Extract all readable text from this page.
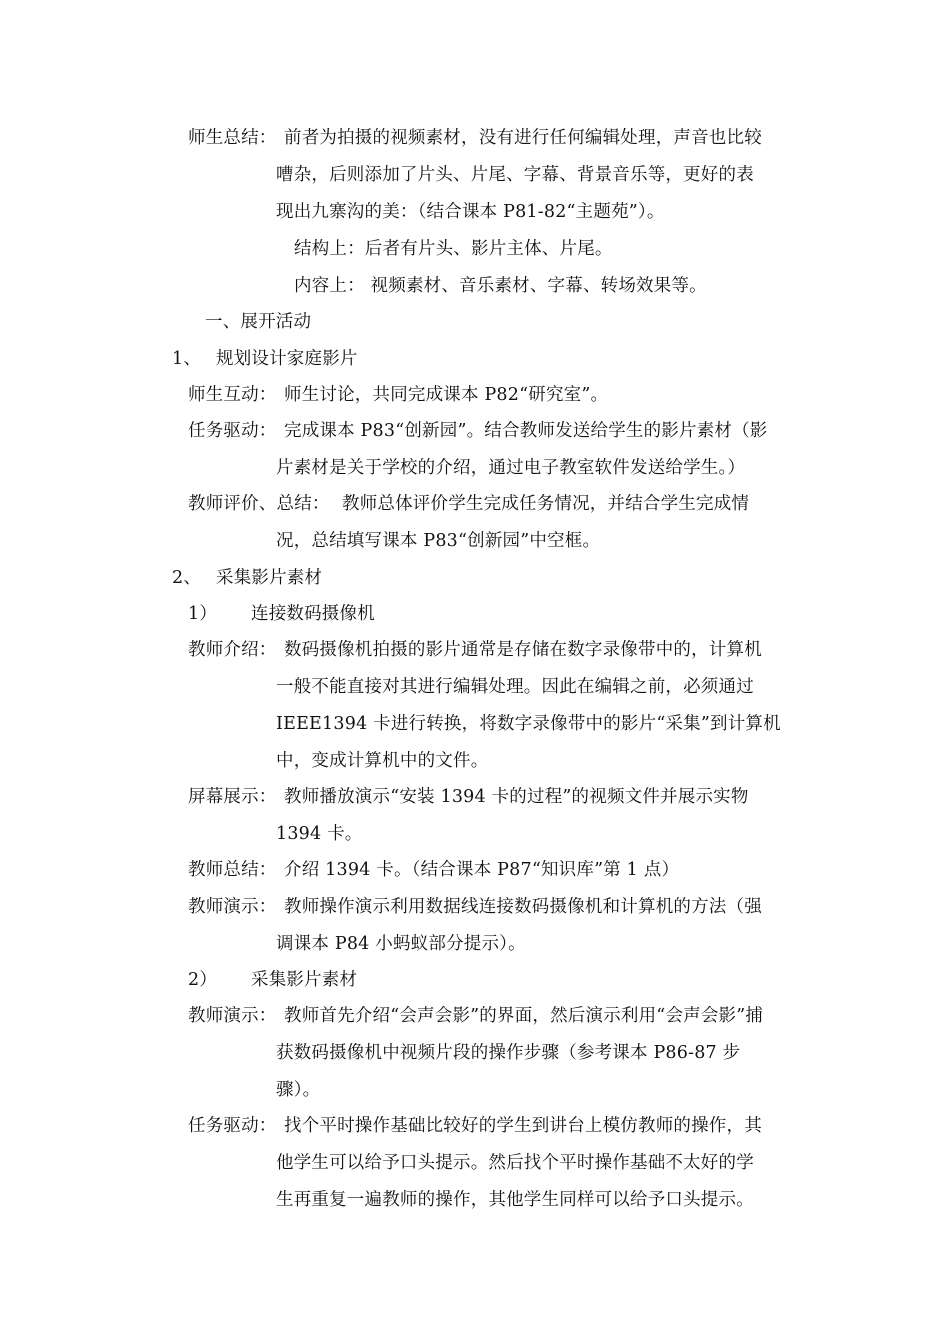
师生总结： 前者为拍摄的视频素材，没有进行任何编辑处理，声音也比较
嘈杂，后则添加了片头、片尾、字幕、背景音乐等，更好的表
现出九寨沟的美：（结合课本 P81-82“主题苑”）。
结构上：后者有片头、影片主体、片尾。
内容上： 视频素材、音乐素材、字幕、转场效果等。
一、展开活动
1、 规划设计家庭影片
师生互动： 师生讨论，共同完成课本 P82“研究室”。
任务驱动： 完成课本 P83“创新园”。结合教师发送给学生的影片素材（影
片素材是关于学校的介绍，通过电子教室软件发送给学生。）
教师评价、总结： 教师总体评价学生完成任务情况，并结合学生完成情
况，总结填写课本 P83“创新园”中空框。
2、 采集影片素材
1） 连接数码摄像机
教师介绍： 数码摄像机拍摄的影片通常是存储在数字录像带中的，计算机
一般不能直接对其进行编辑处理。因此在编辑之前，必须通过
IEEE1394 卡进行转换，将数字录像带中的影片“采集”到计算机
中，变成计算机中的文件。
屏幕展示： 教师播放演示“安装 1394 卡的过程”的视频文件并展示实物
1394 卡。
教师总结： 介绍 1394 卡。（结合课本 P87“知识库”第 1 点）
教师演示： 教师操作演示利用数据线连接数码摄像机和计算机的方法（强
调课本 P84 小蚂蚁部分提示）。
2） 采集影片素材
教师演示： 教师首先介绍“会声会影”的界面，然后演示利用“会声会影”捕
获数码摄像机中视频片段的操作步骤（参考课本 P86-87 步
骤）。
任务驱动： 找个平时操作基础比较好的学生到讲台上模仿教师的操作，其
他学生可以给予口头提示。然后找个平时操作基础不太好的学
生再重复一遍教师的操作，其他学生同样可以给予口头提示。
